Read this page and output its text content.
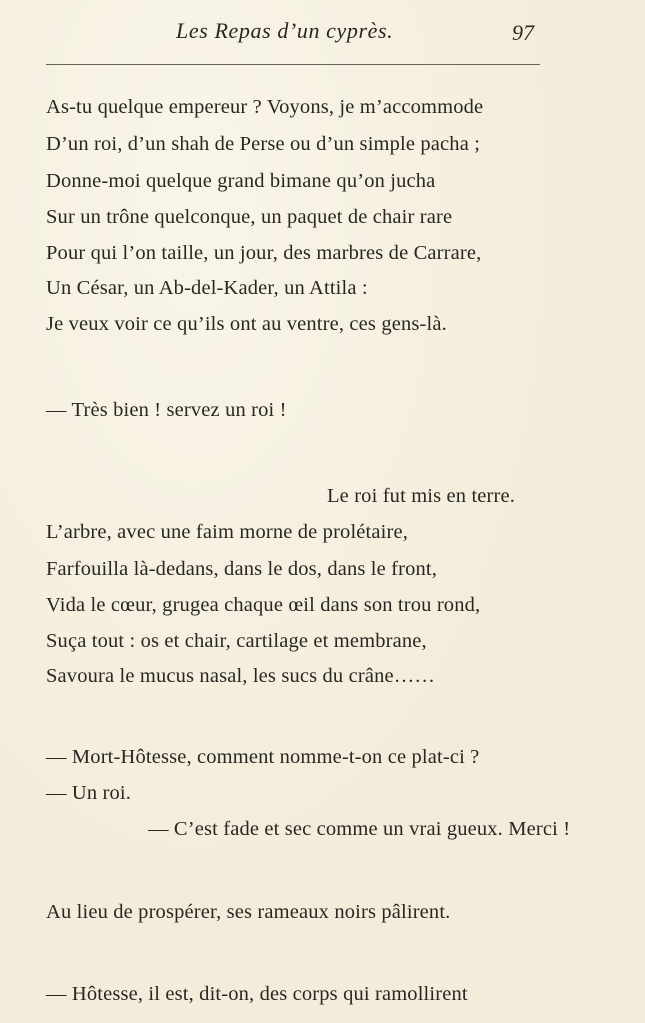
Les Repas d’un cyprès.	97
As-tu quelque empereur ? Voyons, je m’accommode
D’un roi, d’un shah de Perse ou d’un simple pacha ;
Donne-moi quelque grand bimane qu’on jucha
Sur un trône quelconque, un paquet de chair rare
Pour qui l’on taille, un jour, des marbres de Carrare,
Un César, un Ab-del-Kader, un Attila :
Je veux voir ce qu’ils ont au ventre, ces gens-là.
— Très bien ! servez un roi !
Le roi fut mis en terre.
L’arbre, avec une faim morne de prolétaire,
Farfouilla là-dedans, dans le dos, dans le front,
Vida le cœur, grugea chaque œil dans son trou rond,
Suça tout : os et chair, cartilage et membrane,
Savoura le mucus nasal, les sucs du crâne……
— Mort-Hôtesse, comment nomme-t-on ce plat-ci ?
— Un roi.
— C’est fade et sec comme un vrai gueux. Merci !
Au lieu de prospérer, ses rameaux noirs pâlirent.
— Hôtesse, il est, dit-on, des corps qui ramollirent
